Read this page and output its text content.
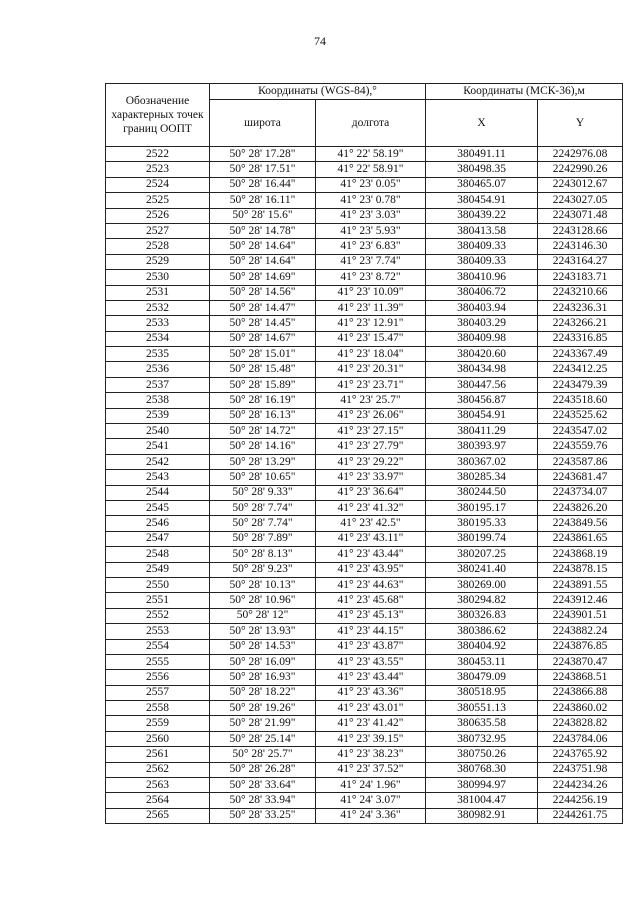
74
Обозначение характерных точек границ ООПТ	Координаты (WGS-84),°		Координаты (МСК-36),м	
	широта	долгота	X	Y
2522	50° 28' 17.28"	41° 22' 58.19"	380491.11	2242976.08
2523	50° 28' 17.51"	41° 22' 58.91"	380498.35	2242990.26
2524	50° 28' 16.44"	41° 23' 0.05"	380465.07	2243012.67
2525	50° 28' 16.11"	41° 23' 0.78"	380454.91	2243027.05
2526	50° 28' 15.6"	41° 23' 3.03"	380439.22	2243071.48
2527	50° 28' 14.78"	41° 23' 5.93"	380413.58	2243128.66
2528	50° 28' 14.64"	41° 23' 6.83"	380409.33	2243146.30
2529	50° 28' 14.64"	41° 23' 7.74"	380409.33	2243164.27
2530	50° 28' 14.69"	41° 23' 8.72"	380410.96	2243183.71
2531	50° 28' 14.56"	41° 23' 10.09"	380406.72	2243210.66
2532	50° 28' 14.47"	41° 23' 11.39"	380403.94	2243236.31
2533	50° 28' 14.45"	41° 23' 12.91"	380403.29	2243266.21
2534	50° 28' 14.67"	41° 23' 15.47"	380409.98	2243316.85
2535	50° 28' 15.01"	41° 23' 18.04"	380420.60	2243367.49
2536	50° 28' 15.48"	41° 23' 20.31"	380434.98	2243412.25
2537	50° 28' 15.89"	41° 23' 23.71"	380447.56	2243479.39
2538	50° 28' 16.19"	41° 23' 25.7"	380456.87	2243518.60
2539	50° 28' 16.13"	41° 23' 26.06"	380454.91	2243525.62
2540	50° 28' 14.72"	41° 23' 27.15"	380411.29	2243547.02
2541	50° 28' 14.16"	41° 23' 27.79"	380393.97	2243559.76
2542	50° 28' 13.29"	41° 23' 29.22"	380367.02	2243587.86
2543	50° 28' 10.65"	41° 23' 33.97"	380285.34	2243681.47
2544	50° 28' 9.33"	41° 23' 36.64"	380244.50	2243734.07
2545	50° 28' 7.74"	41° 23' 41.32"	380195.17	2243826.20
2546	50° 28' 7.74"	41° 23' 42.5"	380195.33	2243849.56
2547	50° 28' 7.89"	41° 23' 43.11"	380199.74	2243861.65
2548	50° 28' 8.13"	41° 23' 43.44"	380207.25	2243868.19
2549	50° 28' 9.23"	41° 23' 43.95"	380241.40	2243878.15
2550	50° 28' 10.13"	41° 23' 44.63"	380269.00	2243891.55
2551	50° 28' 10.96"	41° 23' 45.68"	380294.82	2243912.46
2552	50° 28' 12"	41° 23' 45.13"	380326.83	2243901.51
2553	50° 28' 13.93"	41° 23' 44.15"	380386.62	2243882.24
2554	50° 28' 14.53"	41° 23' 43.87"	380404.92	2243876.85
2555	50° 28' 16.09"	41° 23' 43.55"	380453.11	2243870.47
2556	50° 28' 16.93"	41° 23' 43.44"	380479.09	2243868.51
2557	50° 28' 18.22"	41° 23' 43.36"	380518.95	2243866.88
2558	50° 28' 19.26"	41° 23' 43.01"	380551.13	2243860.02
2559	50° 28' 21.99"	41° 23' 41.42"	380635.58	2243828.82
2560	50° 28' 25.14"	41° 23' 39.15"	380732.95	2243784.06
2561	50° 28' 25.7"	41° 23' 38.23"	380750.26	2243765.92
2562	50° 28' 26.28"	41° 23' 37.52"	380768.30	2243751.98
2563	50° 28' 33.64"	41° 24' 1.96"	380994.97	2244234.26
2564	50° 28' 33.94"	41° 24' 3.07"	381004.47	2244256.19
2565	50° 28' 33.25"	41° 24' 3.36"	380982.91	2244261.75
